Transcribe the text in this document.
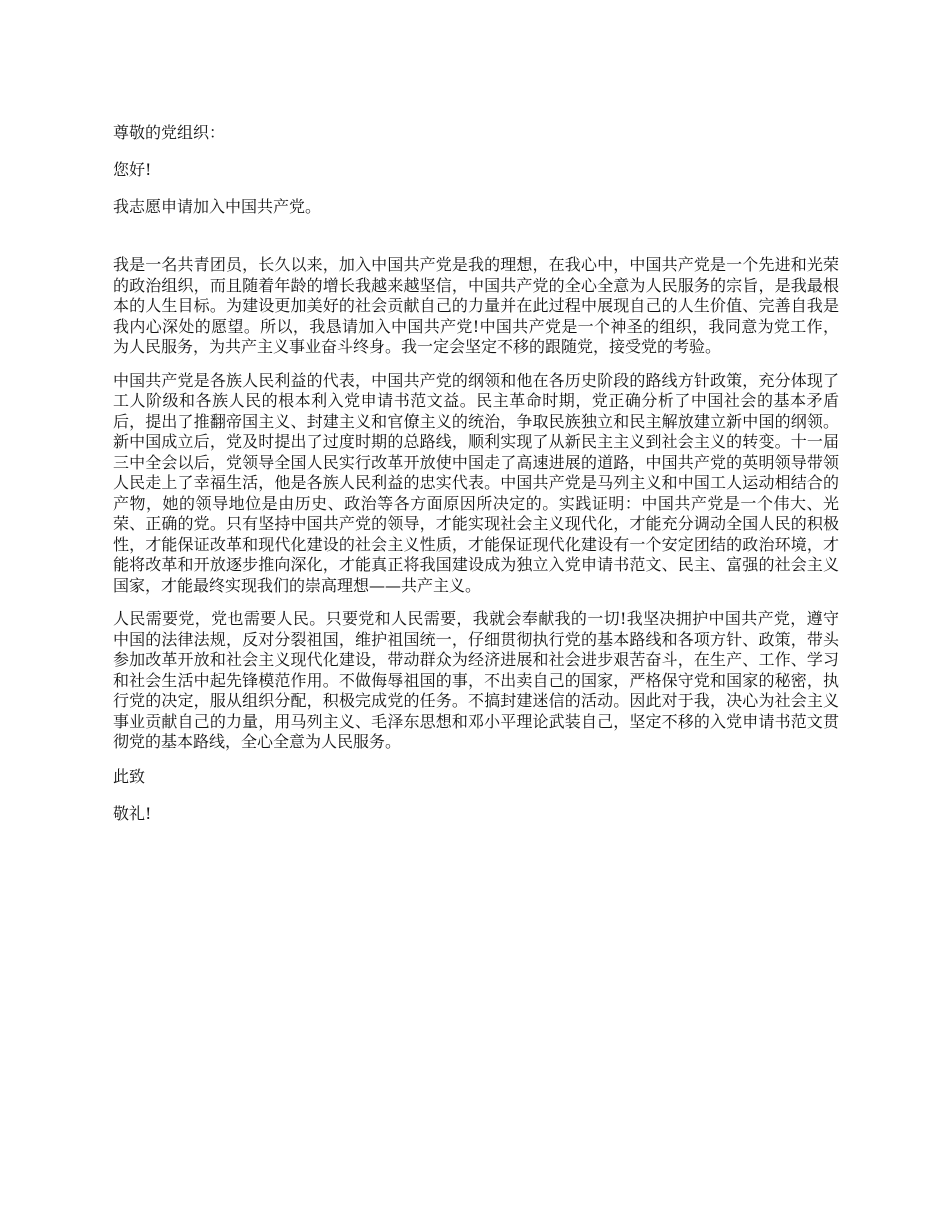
尊敬的党组织：

您好!

我志愿申请加入中国共产党。

我是一名共青团员，长久以来，加入中国共产党是我的理想，在我心中，中国共产党是一个先进和光荣的政治组织，而且随着年龄的增长我越来越坚信，中国共产党的全心全意为人民服务的宗旨，是我最根本的人生目标。为建设更加美好的社会贡献自己的力量并在此过程中展现自己的人生价值、完善自我是我内心深处的愿望。所以，我恳请加入中国共产党!中国共产党是一个神圣的组织，我同意为党工作，为人民服务，为共产主义事业奋斗终身。我一定会坚定不移的跟随党，接受党的考验。

中国共产党是各族人民利益的代表，中国共产党的纲领和他在各历史阶段的路线方针政策，充分体现了工人阶级和各族人民的根本利入党申请书范文益。民主革命时期，党正确分析了中国社会的基本矛盾后，提出了推翻帝国主义、封建主义和官僚主义的统治，争取民族独立和民主解放建立新中国的纲领。新中国成立后，党及时提出了过度时期的总路线，顺利实现了从新民主主义到社会主义的转变。十一届三中全会以后，党领导全国人民实行改革开放使中国走了高速进展的道路，中国共产党的英明领导带领人民走上了幸福生活，他是各族人民利益的忠实代表。中国共产党是马列主义和中国工人运动相结合的产物，她的领导地位是由历史、政治等各方面原因所决定的。实践证明：中国共产党是一个伟大、光荣、正确的党。只有坚持中国共产党的领导，才能实现社会主义现代化，才能充分调动全国人民的积极性，才能保证改革和现代化建设的社会主义性质，才能保证现代化建设有一个安定团结的政治环境，才能将改革和开放逐步推向深化，才能真正将我国建设成为独立入党申请书范文、民主、富强的社会主义国家，才能最终实现我们的崇高理想——共产主义。

人民需要党，党也需要人民。只要党和人民需要，我就会奉献我的一切!我坚决拥护中国共产党，遵守中国的法律法规，反对分裂祖国，维护祖国统一，仔细贯彻执行党的基本路线和各项方针、政策，带头参加改革开放和社会主义现代化建设，带动群众为经济进展和社会进步艰苦奋斗，在生产、工作、学习和社会生活中起先锋模范作用。不做侮辱祖国的事，不出卖自己的国家，严格保守党和国家的秘密，执行党的决定，服从组织分配，积极完成党的任务。不搞封建迷信的活动。因此对于我，决心为社会主义事业贡献自己的力量，用马列主义、毛泽东思想和邓小平理论武装自己，坚定不移的入党申请书范文贯彻党的基本路线，全心全意为人民服务。

此致

敬礼!
